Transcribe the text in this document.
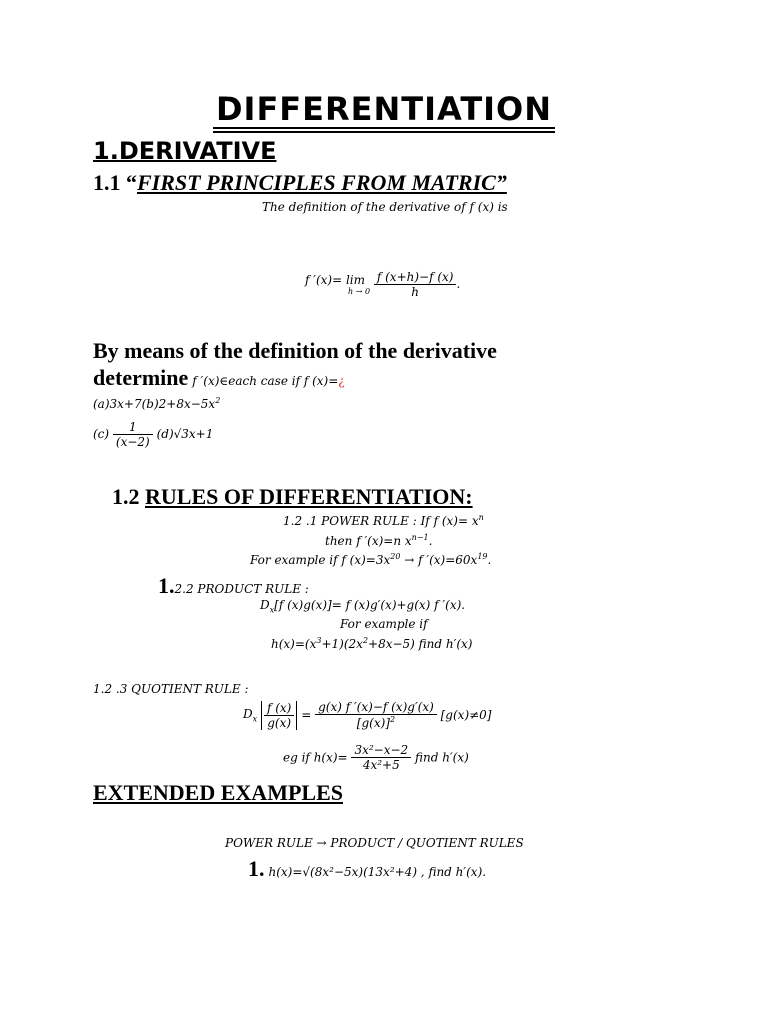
DIFFERENTIATION
1.DERIVATIVE
1.1 “FIRST PRINCIPLES FROM MATRIC”
The definition of the derivative of f (x) is
f ′(x)= lim
h → 0
$\frac{f (x+h)-f (x)}{h}$ .
By means of the definition of the derivative
determine f ′(x)∈each case if f (x)=¿
$(a)3x+7(b)2+8x-5x^2$
$(c) \frac{1}{(x-2)} (d)√3x+1$
1.2 RULES OF DIFFERENTIATION:
1.2 .1 POWER RULE : If f $(x)= x^n$
then f ′(x)=n $x^{n-1}$.
For example if f $(x)=3x^{20} \to f$ $'(x)=60x^{19}$.
1.2.2 PRODUCT RULE :
$D_x[f$ (x)g(x)]= f (x)g′(x)+g(x) f ′(x).
For example if
$h(x)=(x^3+1)(2x^2+8x-5)$ find h′(x)
1.2 .3 QUOTIENT RULE :
$D_x \frac{f (x)}{g(x)} = \frac{g(x) f '(x)-f (x)g'(x)}{[g(x)]^2} [g(x)\ne 0]$
eg if $h(x)= \frac{\text{3x²−x−2}}{\text{4x²+5}}$ find h′(x)
EXTENDED EXAMPLES
POWER RULE → PRODUCT / QUOTIENT RULES
1. h(x)=√(8x²−5x)(13x²+4) , find h′(x).
